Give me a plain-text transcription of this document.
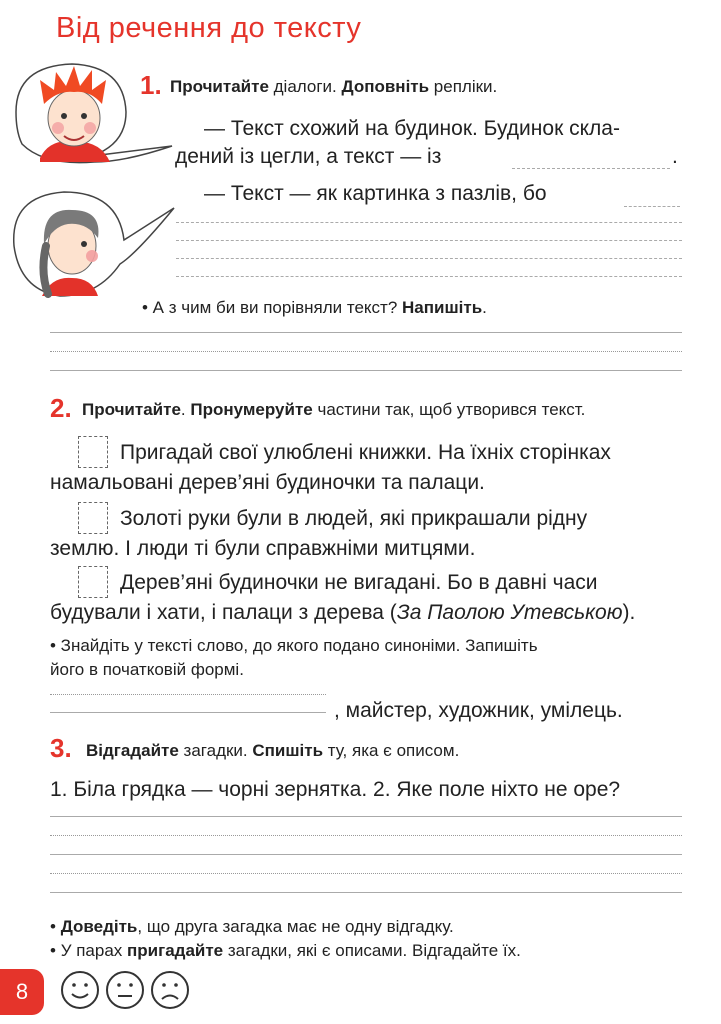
Від речення до тексту
1. Прочитайте діалоги. Доповніть репліки.
— Текст схожий на будинок. Будинок скла-
дений із цегли, а текст — із	.
— Текст — як картинка з пазлів, бо
• А з чим би ви порівняли текст? Напишіть.
2. Прочитайте. Пронумеруйте частини так, щоб утворився текст.
Пригадай свої улюблені книжки. На їхніх сторінках
намальовані дерев’яні будиночки та палаци.
Золоті руки були в людей, які прикрашали рідну
землю. І люди ті були справжніми митцями.
Дерев’яні будиночки не вигадані. Бо в давні часи
будували і хати, і палаци з дерева (За Паолою Утевською).
• Знайдіть у тексті слово, до якого подано синоніми. Запишіть
його в початковій формі.
, майстер, художник, умілець.
3. Відгадайте загадки. Спишіть ту, яка є описом.
1. Біла грядка — чорні зернятка. 2. Яке поле ніхто не оре?
• Доведіть, що друга загадка має не одну відгадку.
• У парах пригадайте загадки, які є описами. Відгадайте їх.
8
